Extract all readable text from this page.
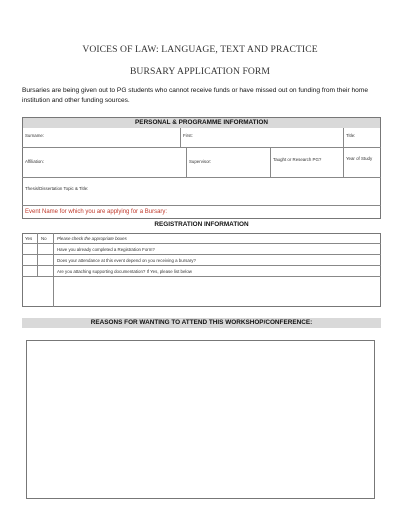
VOICES OF LAW: LANGUAGE, TEXT AND PRACTICE
BURSARY APPLICATION FORM
Bursaries are being given out to PG students who cannot receive funds or have missed out on funding from their home institution and other funding sources.
PERSONAL & PROGRAMME INFORMATION
Surname:	First:	Title:
Affiliation:	Supervisor:	Taught or Research PG?	Year of Study
Thesis/Dissertation Topic & Title:
Event Name for which you are applying for a Bursary:
REGISTRATION INFORMATION
Yes No Please check the appropriate boxes
Have you already completed a Registration Form?
Does your attendance at this event depend on you receiving a bursary?
Are you attaching supporting documentation? If Yes, please list below
REASONS FOR WANTING TO ATTEND THIS WORKSHOP/CONFERENCE:
